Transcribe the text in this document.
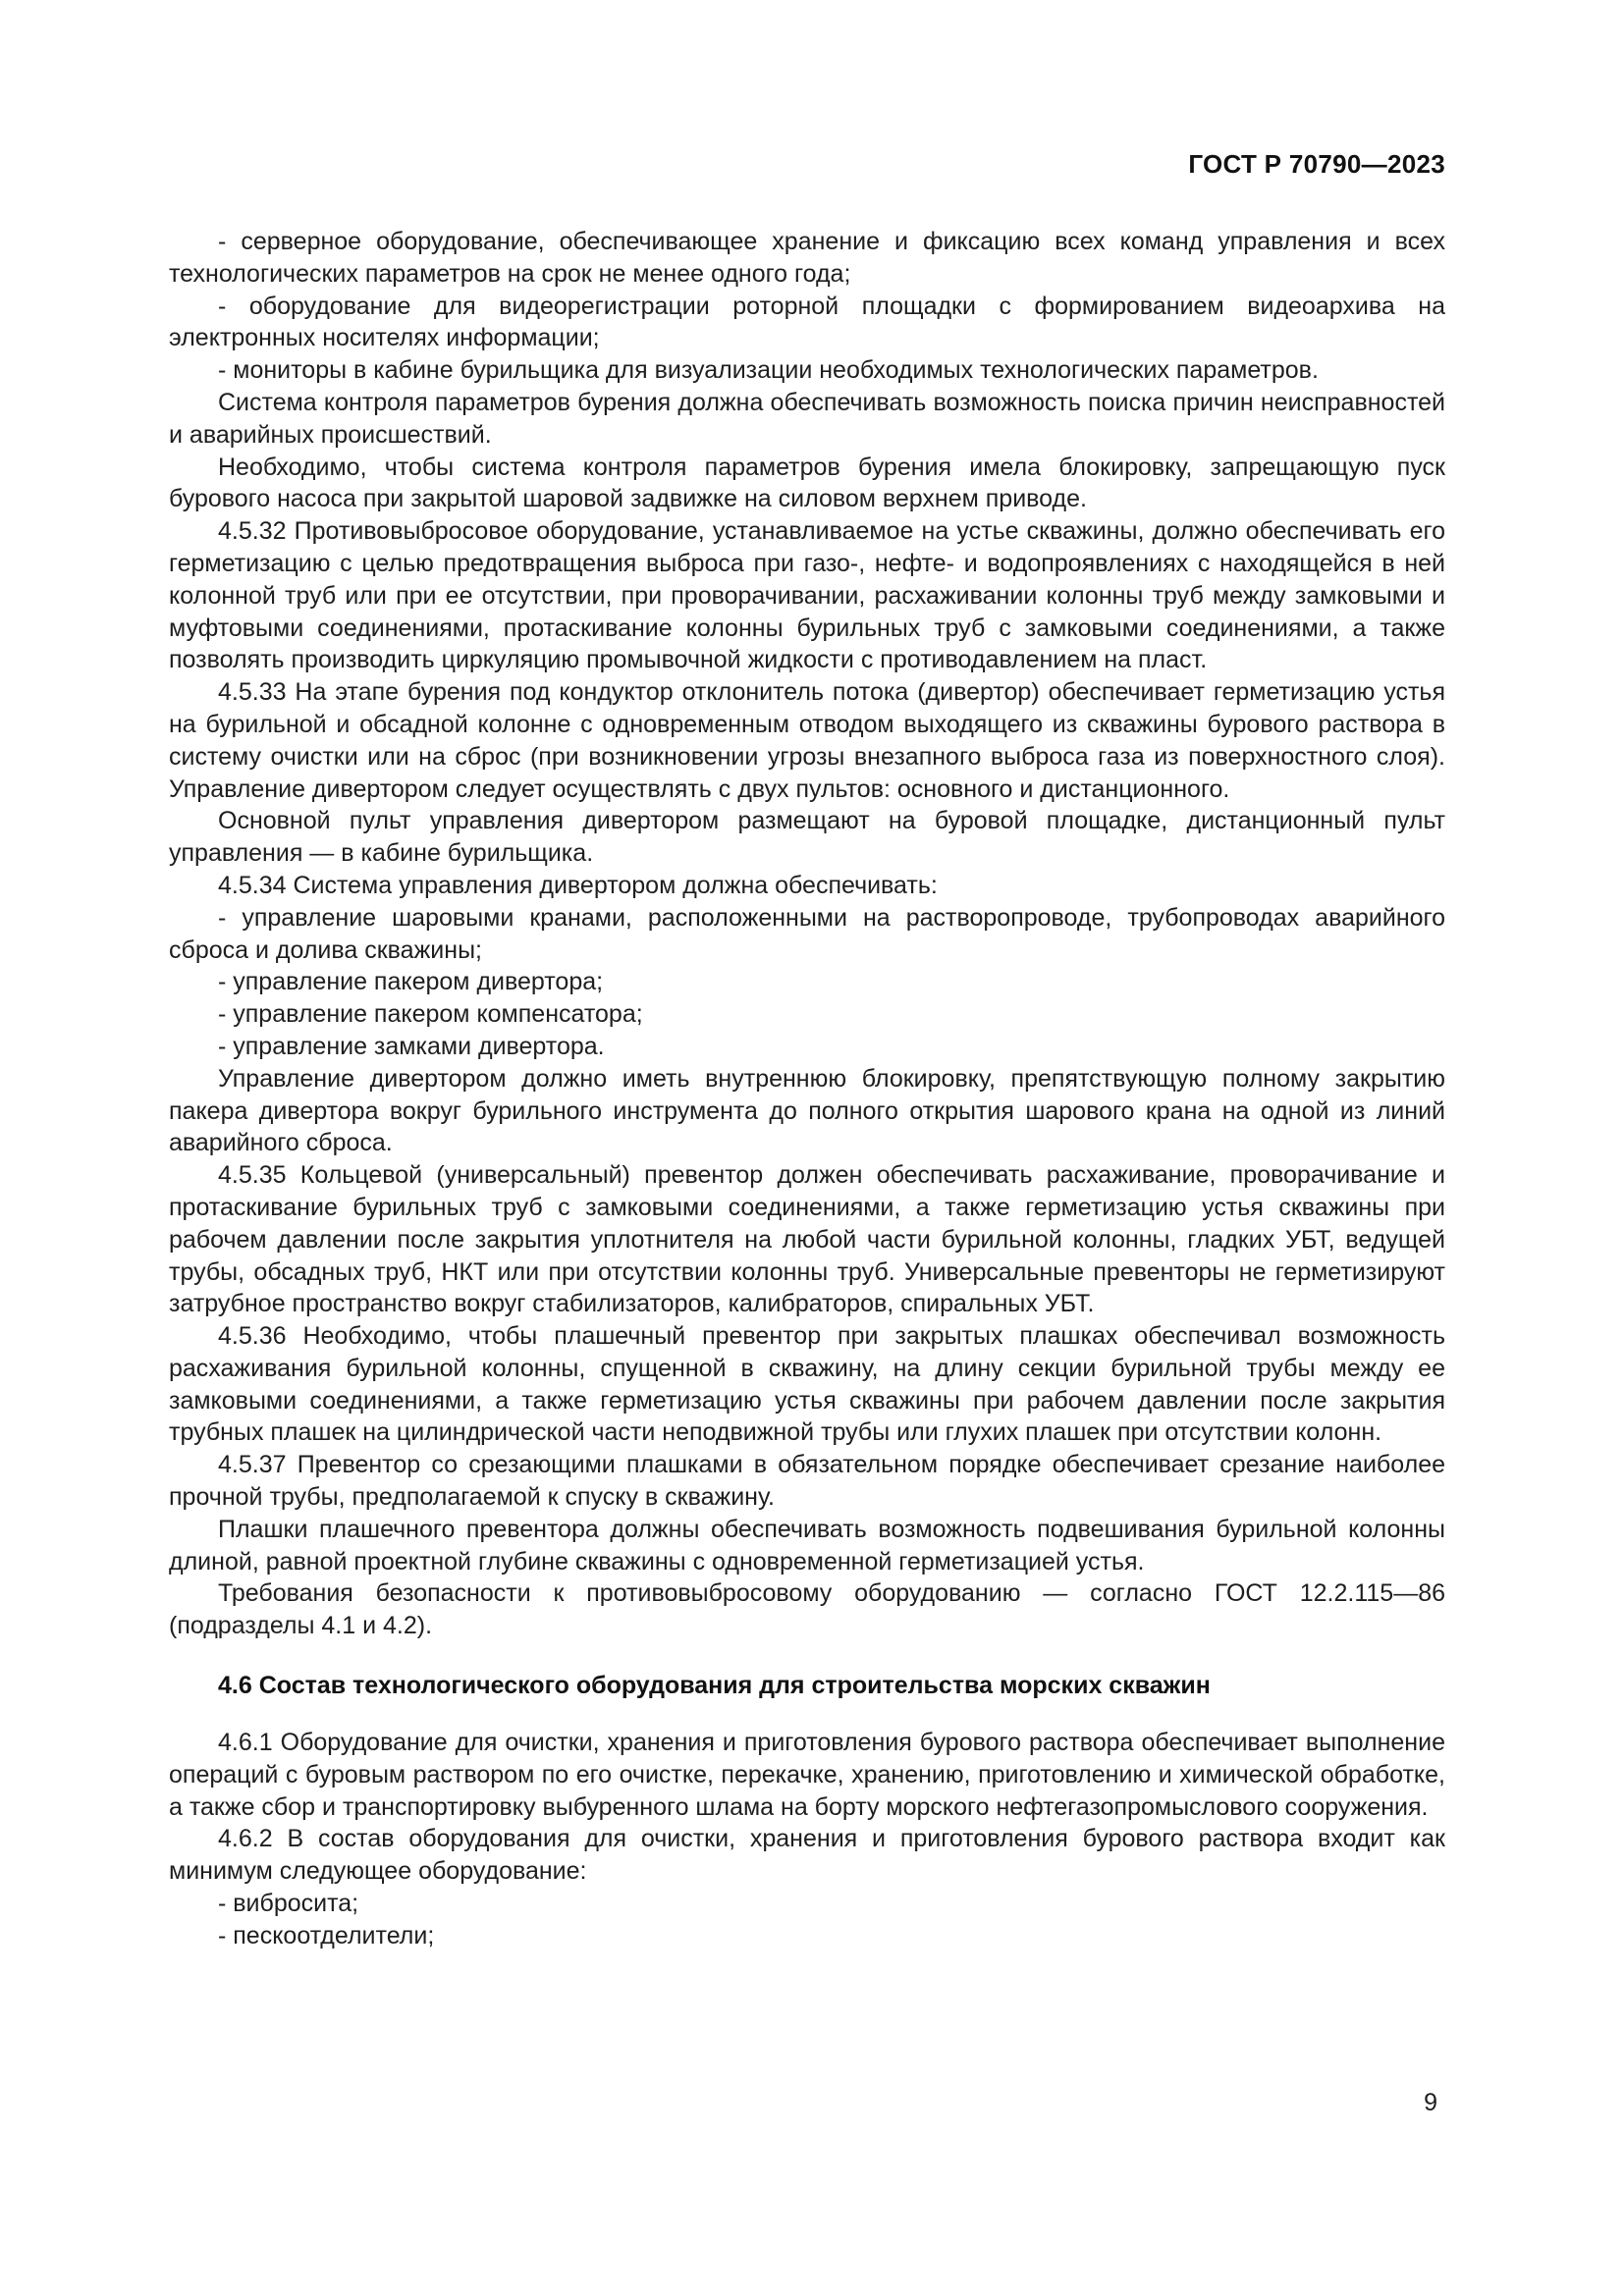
ГОСТ Р 70790—2023

- серверное оборудование, обеспечивающее хранение и фиксацию всех команд управления и всех технологических параметров на срок не менее одного года;

- оборудование для видеорегистрации роторной площадки с формированием видеоархива на электронных носителях информации;

- мониторы в кабине бурильщика для визуализации необходимых технологических параметров.

Система контроля параметров бурения должна обеспечивать возможность поиска причин неисправностей и аварийных происшествий.

Необходимо, чтобы система контроля параметров бурения имела блокировку, запрещающую пуск бурового насоса при закрытой шаровой задвижке на силовом верхнем приводе.

4.5.32 Противовыбросовое оборудование, устанавливаемое на устье скважины, должно обеспечивать его герметизацию с целью предотвращения выброса при газо-, нефте- и водопроявлениях с находящейся в ней колонной труб или при ее отсутствии, при проворачивании, расхаживании колонны труб между замковыми и муфтовыми соединениями, протаскивание колонны бурильных труб с замковыми соединениями, а также позволять производить циркуляцию промывочной жидкости с противодавлением на пласт.

4.5.33 На этапе бурения под кондуктор отклонитель потока (дивертор) обеспечивает герметизацию устья на бурильной и обсадной колонне с одновременным отводом выходящего из скважины бурового раствора в систему очистки или на сброс (при возникновении угрозы внезапного выброса газа из поверхностного слоя). Управление дивертором следует осуществлять с двух пультов: основного и дистанционного.

Основной пульт управления дивертором размещают на буровой площадке, дистанционный пульт управления — в кабине бурильщика.

4.5.34 Система управления дивертором должна обеспечивать:

- управление шаровыми кранами, расположенными на растворопроводе, трубопроводах аварийного сброса и долива скважины;

- управление пакером дивертора;

- управление пакером компенсатора;

- управление замками дивертора.

Управление дивертором должно иметь внутреннюю блокировку, препятствующую полному закрытию пакера дивертора вокруг бурильного инструмента до полного открытия шарового крана на одной из линий аварийного сброса.

4.5.35 Кольцевой (универсальный) превентор должен обеспечивать расхаживание, проворачивание и протаскивание бурильных труб с замковыми соединениями, а также герметизацию устья скважины при рабочем давлении после закрытия уплотнителя на любой части бурильной колонны, гладких УБТ, ведущей трубы, обсадных труб, НКТ или при отсутствии колонны труб. Универсальные превенторы не герметизируют затрубное пространство вокруг стабилизаторов, калибраторов, спиральных УБТ.

4.5.36 Необходимо, чтобы плашечный превентор при закрытых плашках обеспечивал возможность расхаживания бурильной колонны, спущенной в скважину, на длину секции бурильной трубы между ее замковыми соединениями, а также герметизацию устья скважины при рабочем давлении после закрытия трубных плашек на цилиндрической части неподвижной трубы или глухих плашек при отсутствии колонн.

4.5.37 Превентор со срезающими плашками в обязательном порядке обеспечивает срезание наиболее прочной трубы, предполагаемой к спуску в скважину.

Плашки плашечного превентора должны обеспечивать возможность подвешивания бурильной колонны длиной, равной проектной глубине скважины с одновременной герметизацией устья.

Требования безопасности к противовыбросовому оборудованию — согласно ГОСТ 12.2.115—86 (подразделы 4.1 и 4.2).

4.6 Состав технологического оборудования для строительства морских скважин

4.6.1 Оборудование для очистки, хранения и приготовления бурового раствора обеспечивает выполнение операций с буровым раствором по его очистке, перекачке, хранению, приготовлению и химической обработке, а также сбор и транспортировку выбуренного шлама на борту морского нефтегазопромыслового сооружения.

4.6.2 В состав оборудования для очистки, хранения и приготовления бурового раствора входит как минимум следующее оборудование:

- вибросита;

- пескоотделители;

9
